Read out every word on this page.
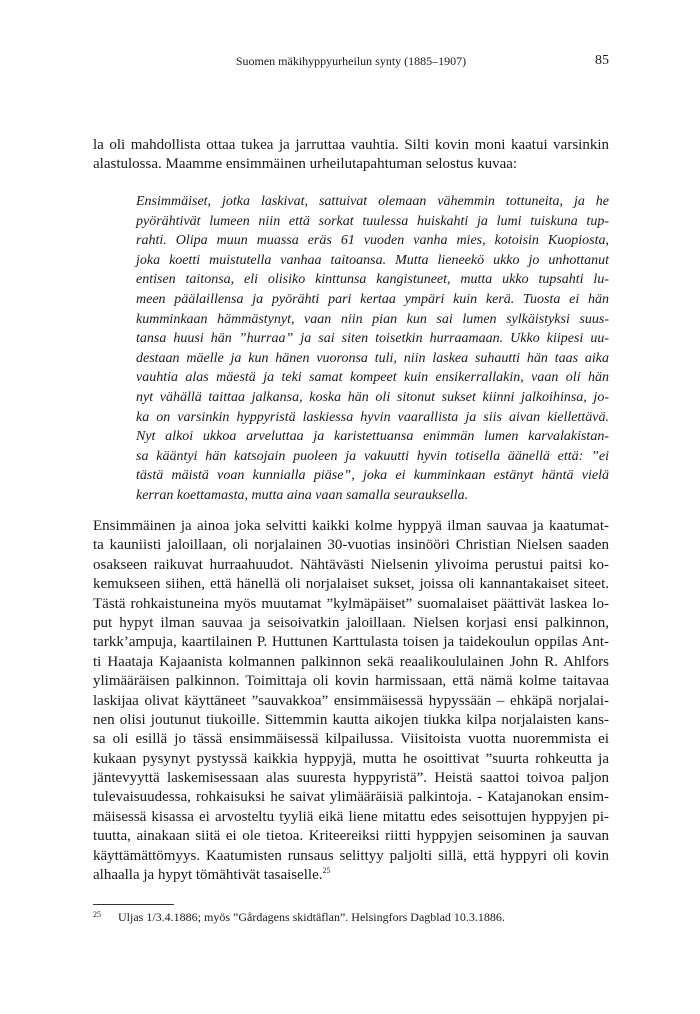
Suomen mäkihyppyurheilun synty (1885–1907)	85
la oli mahdollista ottaa tukea ja jarruttaa vauhtia. Silti kovin moni kaatui varsinkin
alastulossa. Maamme ensimmäinen urheilutapahtuman selostus kuvaa:
Ensimmäiset, jotka laskivat, sattuivat olemaan vähemmin tottuneita, ja he
pyörähtivät lumeen niin että sorkat tuulessa huiskahti ja lumi tuiskuna tup-
rahti. Olipa muun muassa eräs 61 vuoden vanha mies, kotoisin Kuopiosta,
joka koetti muistutella vanhaa taitoansa. Mutta lieneekö ukko jo unhottanut
entisen taitonsa, eli olisiko kinttunsa kangistuneet, mutta ukko tupsahti lu-
meen päälaillensa ja pyörähti pari kertaa ympäri kuin kerä. Tuosta ei hän
kumminkaan hämmästynyt, vaan niin pian kun sai lumen sylkäistyksi suus-
tansa huusi hän ”hurraa” ja sai siten toisetkin hurraamaan. Ukko kiipesi uu-
destaan mäelle ja kun hänen vuoronsa tuli, niin laskea suhautti hän taas aika
vauhtia alas mäestä ja teki samat kompeet kuin ensikerrallakin, vaan oli hän
nyt vähällä taittaa jalkansa, koska hän oli sitonut sukset kiinni jalkoihinsa, jo-
ka on varsinkin hyppyristä laskiessa hyvin vaarallista ja siis aivan kiellettävä.
Nyt alkoi ukkoa arveluttaa ja karistettuansa enimmän lumen karvalakistan-
sa kääntyi hän katsojain puoleen ja vakuutti hyvin totisella äänellä että: ”ei
tästä mäistä voan kunnialla piäse”, joka ei kumminkaan estänyt häntä vielä
kerran koettamasta, mutta aina vaan samalla seurauksella.
Ensimmäinen ja ainoa joka selvitti kaikki kolme hyppyä ilman sauvaa ja kaatumat-
ta kauniisti jaloillaan, oli norjalainen 30-vuotias insinööri Christian Nielsen saaden
osakseen raikuvat hurraahuudot. Nähtävästi Nielsenin ylivoima perustui paitsi ko-
kemukseen siihen, että hänellä oli norjalaiset sukset, joissa oli kannantakaiset siteet.
Tästä rohkaistuneina myös muutamat ”kylmäpäiset” suomalaiset päättivät laskea lo-
put hypyt ilman sauvaa ja seisoivatkin jaloillaan. Nielsen korjasi ensi palkinnon,
tarkk’ampuja, kaartilainen P. Huttunen Karttulasta toisen ja taidekoulun oppilas Ant-
ti Haataja Kajaanista kolmannen palkinnon sekä reaalikoululainen John R. Ahlfors
ylimääräisen palkinnon. Toimittaja oli kovin harmissaan, että nämä kolme taitavaa
laskijaa olivat käyttäneet ”sauvakkoa” ensimmäisessä hypyssään – ehkäpä norjalai-
nen olisi joutunut tiukoille. Sittemmin kautta aikojen tiukka kilpa norjalaisten kans-
sa oli esillä jo tässä ensimmäisessä kilpailussa. Viisitoista vuotta nuoremmista ei
kukaan pysynyt pystyssä kaikkia hyppyjä, mutta he osoittivat ”suurta rohkeutta ja
jäntevyyttä laskemisessaan alas suuresta hyppyristä”. Heistä saattoi toivoa paljon
tulevaisuudessa, rohkaisuksi he saivat ylimääräisiä palkintoja. - Katajanokan ensim-
mäisessä kisassa ei arvosteltu tyyliä eikä liene mitattu edes seisottujen hyppyjen pi-
tuutta, ainakaan siitä ei ole tietoa. Kriteereiksi riitti hyppyjen seisominen ja sauvan
käyttämättömyys. Kaatumisten runsaus selittyy paljolti sillä, että hyppyri oli kovin
alhaalla ja hypyt tömähtivät tasaiselle.$^{25}$
25 Uljas 1/3.4.1886; myös ”Gårdagens skidtäflan”. Helsingfors Dagblad 10.3.1886.
